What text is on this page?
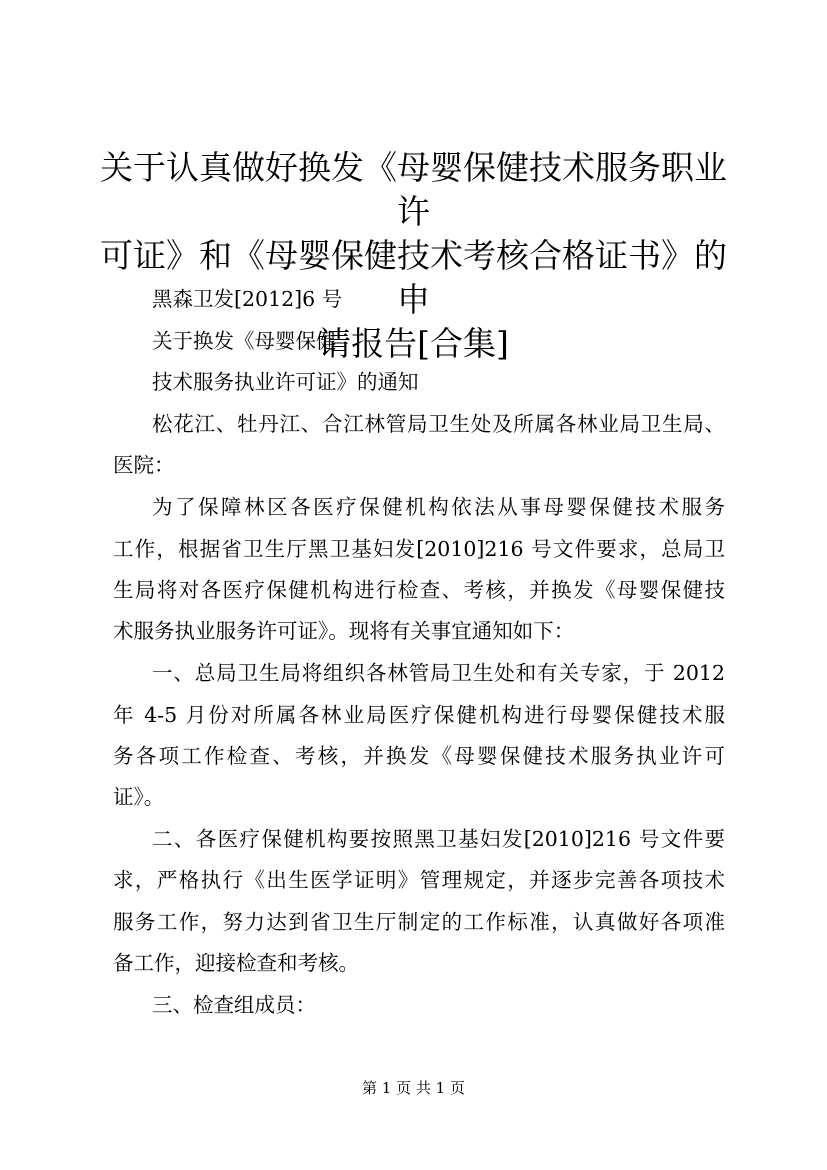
关于认真做好换发《母婴保健技术服务职业许
可证》和《母婴保健技术考核合格证书》的申
请报告[合集]
黑森卫发[2012]6 号
关于换发《母婴保健
技术服务执业许可证》的通知
松花江、牡丹江、合江林管局卫生处及所属各林业局卫生局、
医院：
为了保障林区各医疗保健机构依法从事母婴保健技术服务
工作，根据省卫生厅黑卫基妇发[2010]216 号文件要求，总局卫
生局将对各医疗保健机构进行检查、考核，并换发《母婴保健技
术服务执业服务许可证》。现将有关事宜通知如下：
一、总局卫生局将组织各林管局卫生处和有关专家，于 2012
年 4-5 月份对所属各林业局医疗保健机构进行母婴保健技术服
务各项工作检查、考核，并换发《母婴保健技术服务执业许可
证》。
二、各医疗保健机构要按照黑卫基妇发[2010]216 号文件要
求，严格执行《出生医学证明》管理规定，并逐步完善各项技术
服务工作，努力达到省卫生厅制定的工作标准，认真做好各项准
备工作，迎接检查和考核。
三、检查组成员：
第 1 页 共 1 页
